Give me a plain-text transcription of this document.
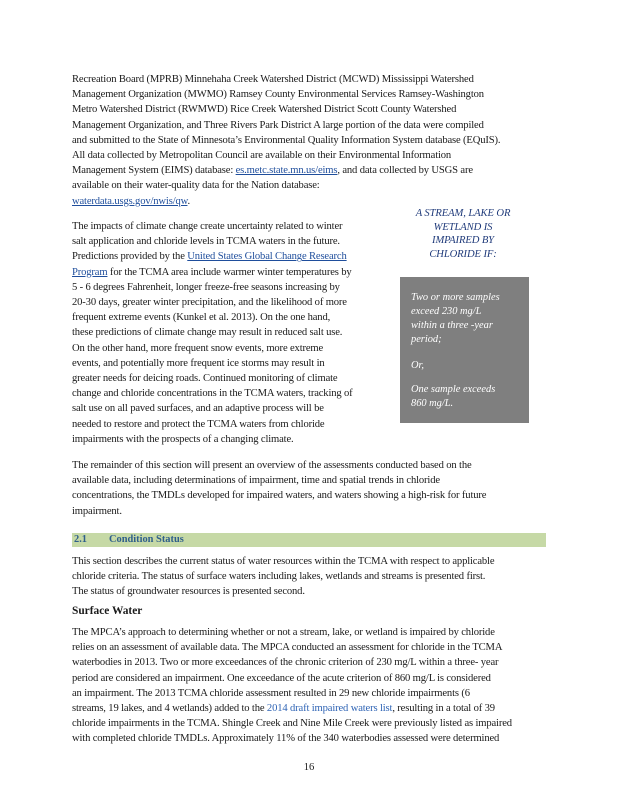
Recreation Board (MPRB) Minnehaha Creek Watershed District (MCWD) Mississippi Watershed
Management Organization (MWMO) Ramsey County Environmental Services Ramsey-Washington
Metro Watershed District (RWMWD) Rice Creek Watershed District Scott County Watershed
Management Organization, and Three Rivers Park District A large portion of the data were compiled
and submitted to the State of Minnesota’s Environmental Quality Information System database (EQuIS).
All data collected by Metropolitan Council are available on their Environmental Information
Management System (EIMS) database: es.metc.state.mn.us/eims, and data collected by USGS are
available on their water-quality data for the Nation database:
waterdata.usgs.gov/nwis/qw.
The impacts of climate change create uncertainty related to winter
salt application and chloride levels in TCMA waters in the future.
Predictions provided by the United States Global Change Research
Program for the TCMA area include warmer winter temperatures by
5 - 6 degrees Fahrenheit, longer freeze-free seasons increasing by
20-30 days, greater winter precipitation, and the likelihood of more
frequent extreme events (Kunkel et al. 2013). On the one hand,
these predictions of climate change may result in reduced salt use.
On the other hand, more frequent snow events, more extreme
events, and potentially more frequent ice storms may result in
greater needs for deicing roads. Continued monitoring of climate
change and chloride concentrations in the TCMA waters, tracking of
salt use on all paved surfaces, and an adaptive process will be
needed to restore and protect the TCMA waters from chloride
impairments with the prospects of a changing climate.
A STREAM, LAKE OR
WETLAND IS
IMPAIRED BY
CHLORIDE IF:
Two or more samples
exceed 230 mg/L
within a three -year
period;
Or,
One sample exceeds
860 mg/L.
The remainder of this section will present an overview of the assessments conducted based on the
available data, including determinations of impairment, time and spatial trends in chloride
concentrations, the TMDLs developed for impaired waters, and waters showing a high-risk for future
impairment.
2.1 Condition Status
This section describes the current status of water resources within the TCMA with respect to applicable
chloride criteria. The status of surface waters including lakes, wetlands and streams is presented first.
The status of groundwater resources is presented second.
Surface Water
The MPCA’s approach to determining whether or not a stream, lake, or wetland is impaired by chloride
relies on an assessment of available data. The MPCA conducted an assessment for chloride in the TCMA
waterbodies in 2013. Two or more exceedances of the chronic criterion of 230 mg/L within a three- year
period are considered an impairment. One exceedance of the acute criterion of 860 mg/L is considered
an impairment. The 2013 TCMA chloride assessment resulted in 29 new chloride impairments (6
streams, 19 lakes, and 4 wetlands) added to the 2014 draft impaired waters list, resulting in a total of 39
chloride impairments in the TCMA. Shingle Creek and Nine Mile Creek were previously listed as impaired
with completed chloride TMDLs. Approximately 11% of the 340 waterbodies assessed were determined
16
